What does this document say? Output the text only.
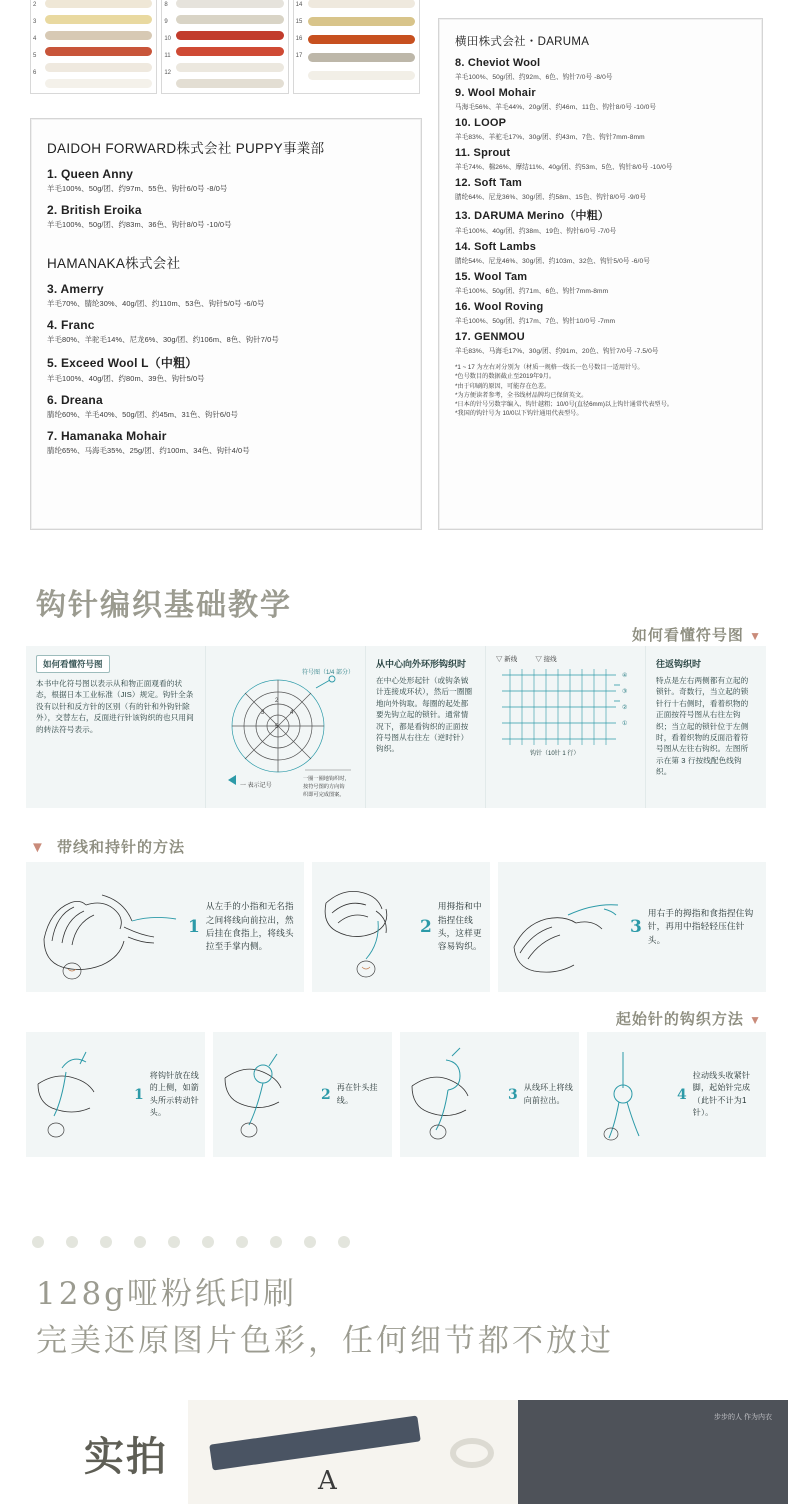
2
3
4
5
6
8
9
10
11
12
14
15
16
17
DAIDOH FORWARD株式会社 PUPPY事業部
1. Queen Anny
羊毛100%、50g/团、约97m、55色、钩针6/0号 -8/0号
2. British Eroika
羊毛100%、50g/团、约83m、36色、钩针8/0号 -10/0号
HAMANAKA株式会社
3. Amerry
羊毛70%、腈纶30%、40g/团、约110m、53色、钩针5/0号 -6/0号
4. Franc
羊毛80%、羊驼毛14%、尼龙6%、30g/团、约106m、8色、钩针7/0号
5. Exceed Wool L（中粗）
羊毛100%、40g/团、约80m、39色、钩针5/0号
6. Dreana
腈纶60%、羊毛40%、50g/团、约45m、31色、钩针6/0号
7. Hamanaka Mohair
腈纶65%、马海毛35%、25g/团、约100m、34色、钩针4/0号
横田株式会社・DARUMA
8. Cheviot Wool
羊毛100%、50g/团、约92m、6色、钩针7/0号 -8/0号
9. Wool Mohair
马海毛56%、羊毛44%、20g/团、约46m、11色、钩针8/0号 -10/0号
10. LOOP
羊毛83%、羊驼毛17%、30g/团、约43m、7色、钩针7mm-8mm
11. Sprout
羊毛74%、棉26%、摩结11%、40g/团、约53m、5色、钩针8/0号 -10/0号
12. Soft Tam
腈纶64%、尼龙36%、30g/团、约58m、15色、钩针8/0号 -9/0号
13. DARUMA Merino（中粗）
羊毛100%、40g/团、约38m、19色、钩针6/0号 -7/0号
14. Soft Lambs
腈纶54%、尼龙46%、30g/团、约103m、32色、钩针5/0号 -6/0号
15. Wool Tam
羊毛100%、50g/团、约71m、6色、钩针7mm-8mm
16. Wool Roving
羊毛100%、50g/团、约17m、7色、钩针10/0号 -7mm
17. GENMOU
羊毛83%、马海毛17%、30g/团、约91m、20色、钩针7/0号 -7.5/0号
*1 ~ 17 为左右对分别为（材质一规格一线长一色号数目一适用针号。
*色号数目的数据截止至2019年9月。
*由于印刷的原因，可能存在色差。
*为方便读者参考，全书线材品牌均已保留英文。
*日本的针号另数字编入、钩针越粗；10/0号(直径6mm)以上钩针通常代表型号。
*我国的钩针号为 10/0以下钩针通用代表型号。
钩针编织基础教学
如何看懂符号图 ▼
如何看懂符号图
本书中化符号图以表示从和物正面观看的状态，根据日本工业标准（JIS）规定。钩针全条没有以针和反方针的区别（有的针和外钩针除外），交替左右，反面进行针该钩织的也只用间的转法符号表示。	5
4
3
2
符号图（1/4 部分）
一 表示记号
一圈一圈地钩织时，
按符号图的方向钩
织即可完成图案。
从中心向外环形钩织时
在中心处形起针（或钩条钺计连接成环状），然后一圈圈地向外钩取。每圈的起处都要先钩立起的锁针。通常情况下，都是看钩织的正面按符号图从右往左（逆时针）钩织。
▽ 新线	▽ 接线
④
③
②
①
钩针（10针 1 行）
往返钩织时
特点是左右两侧都有立起的锁针。奇数行，当立起的锁针行十右侧时，看着织物的正面按符号图从右往左钩织；当立起的锁针位于左侧时，看着织物的反面沿着符号图从左往右钩织。左图所示在第 3 行按线配色线钩织。
▼ 带线和持针的方法
1
从左手的小指和无名指之间将线向前拉出，然后挂在食指上，将线头拉至手掌内侧。
2
用拇指和中指捏住线头，这样更容易钩织。
3
用右手的拇指和食指捏住钩针，再用中指轻轻压住针头。
起始针的钩织方法 ▼
1
将钩针放在线的上侧，如箭头所示转动针头。
2 再在针头挂线。	3 从线环上将线向前拉出。	4
拉动线头收紧针脚，起始针完成（此针不计为1针）。
128g哑粉纸印刷
完美还原图片色彩，任何细节都不放过
A
步步的人 作为内衣
实拍
